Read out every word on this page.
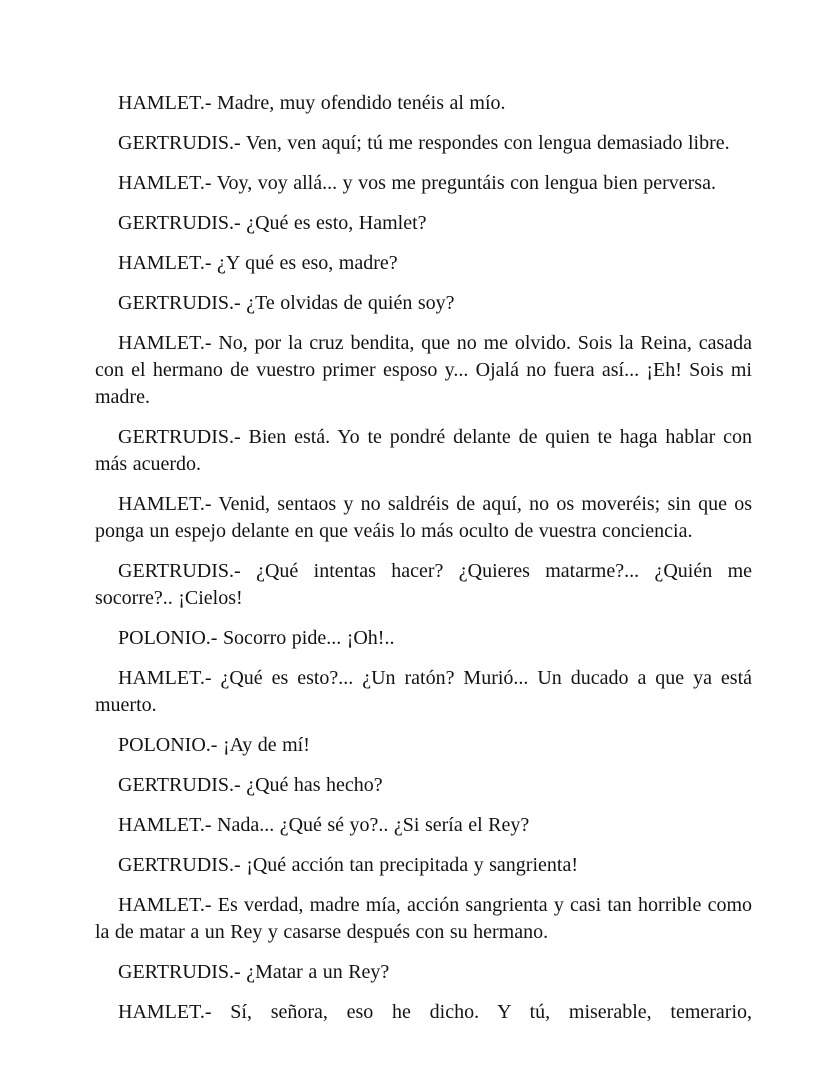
HAMLET.- Madre, muy ofendido tenéis al mío.

GERTRUDIS.- Ven, ven aquí; tú me respondes con lengua demasiado libre.

HAMLET.- Voy, voy allá... y vos me preguntáis con lengua bien perversa.

GERTRUDIS.- ¿Qué es esto, Hamlet?

HAMLET.- ¿Y qué es eso, madre?

GERTRUDIS.- ¿Te olvidas de quién soy?

HAMLET.- No, por la cruz bendita, que no me olvido. Sois la Reina, casada con el hermano de vuestro primer esposo y... Ojalá no fuera así... ¡Eh! Sois mi madre.

GERTRUDIS.- Bien está. Yo te pondré delante de quien te haga hablar con más acuerdo.

HAMLET.- Venid, sentaos y no saldréis de aquí, no os moveréis; sin que os ponga un espejo delante en que veáis lo más oculto de vuestra conciencia.

GERTRUDIS.- ¿Qué intentas hacer? ¿Quieres matarme?... ¿Quién me socorre?.. ¡Cielos!

POLONIO.- Socorro pide... ¡Oh!..

HAMLET.- ¿Qué es esto?... ¿Un ratón? Murió... Un ducado a que ya está muerto.

POLONIO.- ¡Ay de mí!

GERTRUDIS.- ¿Qué has hecho?

HAMLET.- Nada... ¿Qué sé yo?.. ¿Si sería el Rey?

GERTRUDIS.- ¡Qué acción tan precipitada y sangrienta!

HAMLET.- Es verdad, madre mía, acción sangrienta y casi tan horrible como la de matar a un Rey y casarse después con su hermano.

GERTRUDIS.- ¿Matar a un Rey?

HAMLET.- Sí, señora, eso he dicho. Y tú, miserable, temerario,
